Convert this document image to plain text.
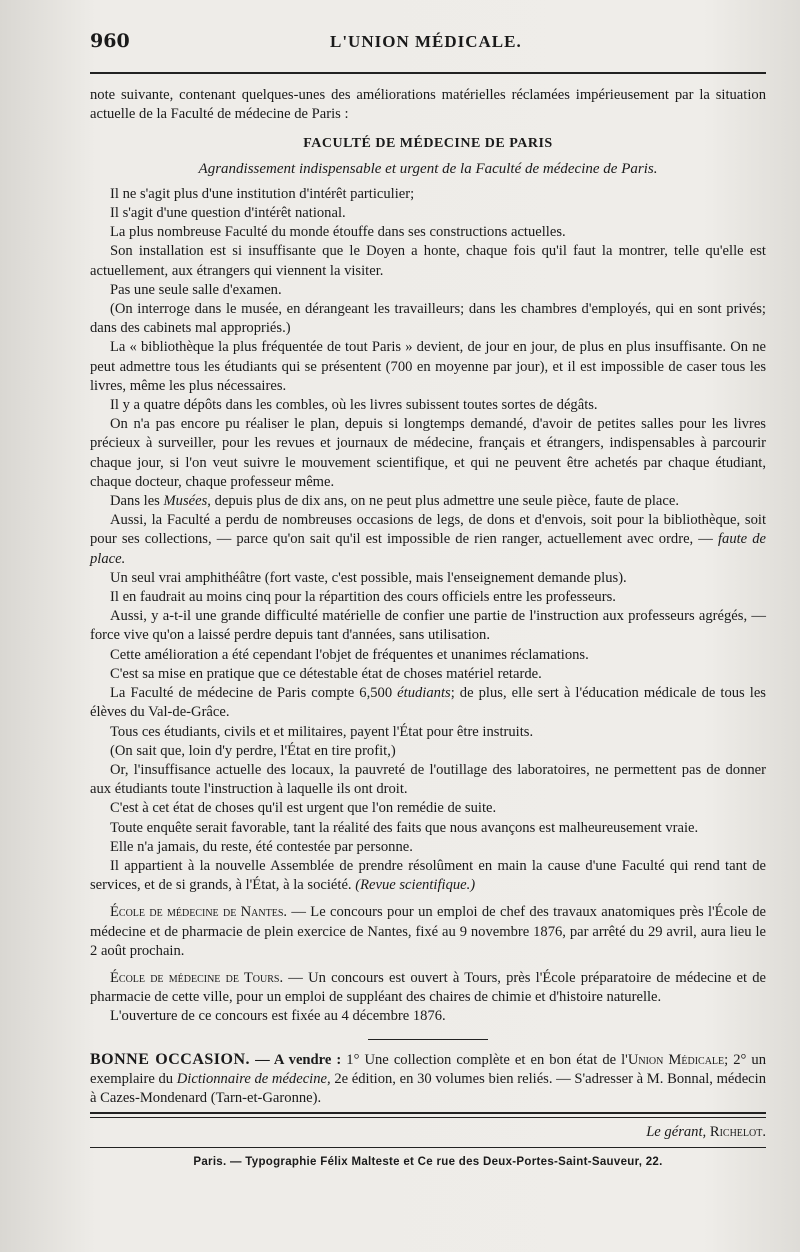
960	L'UNION MÉDICALE.

note suivante, contenant quelques-unes des améliorations matérielles réclamées impérieusement par la situation actuelle de la Faculté de médecine de Paris :

FACULTÉ DE MÉDECINE DE PARIS
Agrandissement indispensable et urgent de la Faculté de médecine de Paris.

Il ne s'agit plus d'une institution d'intérêt particulier;

Il s'agit d'une question d'intérêt national.

La plus nombreuse Faculté du monde étouffe dans ses constructions actuelles.

Son installation est si insuffisante que le Doyen a honte, chaque fois qu'il faut la montrer, telle qu'elle est actuellement, aux étrangers qui viennent la visiter.

Pas une seule salle d'examen.

(On interroge dans le musée, en dérangeant les travailleurs; dans les chambres d'employés, qui en sont privés; dans des cabinets mal appropriés.)

La « bibliothèque la plus fréquentée de tout Paris » devient, de jour en jour, de plus en plus insuffisante. On ne peut admettre tous les étudiants qui se présentent (700 en moyenne par jour), et il est impossible de caser tous les livres, même les plus nécessaires.

Il y a quatre dépôts dans les combles, où les livres subissent toutes sortes de dégâts.

On n'a pas encore pu réaliser le plan, depuis si longtemps demandé, d'avoir de petites salles pour les livres précieux à surveiller, pour les revues et journaux de médecine, français et étrangers, indispensables à parcourir chaque jour, si l'on veut suivre le mouvement scientifique, et qui ne peuvent être achetés par chaque étudiant, chaque docteur, chaque professeur même.

Dans les Musées, depuis plus de dix ans, on ne peut plus admettre une seule pièce, faute de place.

Aussi, la Faculté a perdu de nombreuses occasions de legs, de dons et d'envois, soit pour la bibliothèque, soit pour ses collections, — parce qu'on sait qu'il est impossible de rien ranger, actuellement avec ordre, — faute de place.

Un seul vrai amphithéâtre (fort vaste, c'est possible, mais l'enseignement demande plus).

Il en faudrait au moins cinq pour la répartition des cours officiels entre les professeurs.

Aussi, y a-t-il une grande difficulté matérielle de confier une partie de l'instruction aux professeurs agrégés, — force vive qu'on a laissé perdre depuis tant d'années, sans utilisation.

Cette amélioration a été cependant l'objet de fréquentes et unanimes réclamations.

C'est sa mise en pratique que ce détestable état de choses matériel retarde.

La Faculté de médecine de Paris compte 6,500 étudiants; de plus, elle sert à l'éducation médicale de tous les élèves du Val-de-Grâce.

Tous ces étudiants, civils et et militaires, payent l'État pour être instruits.

(On sait que, loin d'y perdre, l'État en tire profit,)

Or, l'insuffisance actuelle des locaux, la pauvreté de l'outillage des laboratoires, ne permettent pas de donner aux étudiants toute l'instruction à laquelle ils ont droit.

C'est à cet état de choses qu'il est urgent que l'on remédie de suite.

Toute enquête serait favorable, tant la réalité des faits que nous avançons est malheureusement vraie.

Elle n'a jamais, du reste, été contestée par personne.

Il appartient à la nouvelle Assemblée de prendre résolûment en main la cause d'une Faculté qui rend tant de services, et de si grands, à l'État, à la société. (Revue scientifique.)

École de médecine de Nantes. — Le concours pour un emploi de chef des travaux anatomiques près l'École de médecine et de pharmacie de plein exercice de Nantes, fixé au 9 novembre 1876, par arrêté du 29 avril, aura lieu le 2 août prochain.

École de médecine de Tours. — Un concours est ouvert à Tours, près l'École préparatoire de médecine et de pharmacie de cette ville, pour un emploi de suppléant des chaires de chimie et d'histoire naturelle.

L'ouverture de ce concours est fixée au 4 décembre 1876.

BONNE OCCASION. — A vendre : 1° Une collection complète et en bon état de l'Union Médicale; 2° un exemplaire du Dictionnaire de médecine, 2e édition, en 30 volumes bien reliés. — S'adresser à M. Bonnal, médecin à Cazes-Mondenard (Tarn-et-Garonne).
Le gérant, Richelot.
Paris. — Typographie Félix Malteste et Ce rue des Deux-Portes-Saint-Sauveur, 22.
